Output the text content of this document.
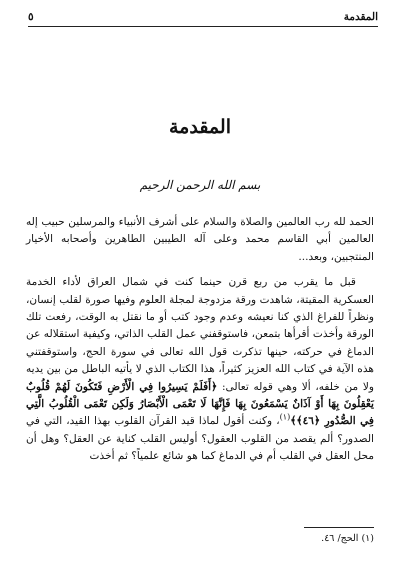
المقدمة
٥
المقدمة
بسم الله الرحمن الرحيم

الحمد لله رب العالمين والصلاة والسلام على أشرف الأنبياء والمرسلين حبيب إله العالمين أبي القاسم محمد وعلى آله الطيبين الطاهرين وأصحابه الأخيار المنتجبين، وبعد...

قبل ما يقرب من ربع قرن حينما كنت في شمال العراق لأداء الخدمة العسكرية المقيتة، شاهدت ورقة مزدوجة لمجلة العلوم وفيها صورة لقلب إنسان، ونظراً للفراغ الذي كنا نعيشه وعدم وجود كتب أو ما نقتل به الوقت، رفعت تلك الورقة وأخذت أقرأها بتمعن، فاستوقفني عمل القلب الذاتي، وكيفية استقلاله عن الدماغ في حركته، حينها تذكرت قول الله تعالى في سورة الحج، واستوقفتني هذه الآية في كتاب الله العزيز كثيراً، هذا الكتاب الذي لا يأتيه الباطل من بين يديه ولا من خلفه، ألا وهي قوله تعالى: ﴿أَفَلَمْ يَسِيرُوا فِي الْأَرْضِ فَتَكُونَ لَهُمْ قُلُوبٌ يَعْقِلُونَ بِهَا أَوْ آذَانٌ يَسْمَعُونَ بِهَا فَإِنَّهَا لَا تَعْمَى الْأَبْصَارُ وَلَكِن تَعْمَى الْقُلُوبُ الَّتِي فِي الصُّدُورِ ﴿٤٦﴾﴾$^{(١)}$، وكنت أقول لماذا قيد القرآن القلوب بهذا القيد، التي في الصدور؟ ألم يقصد من القلوب العقول؟ أوليس القلب كناية عن العقل؟ وهل أن محل العقل في القلب أم في الدماغ كما هو شائع علمياً؟ ثم أخذت

(١) الحج/ ٤٦.
